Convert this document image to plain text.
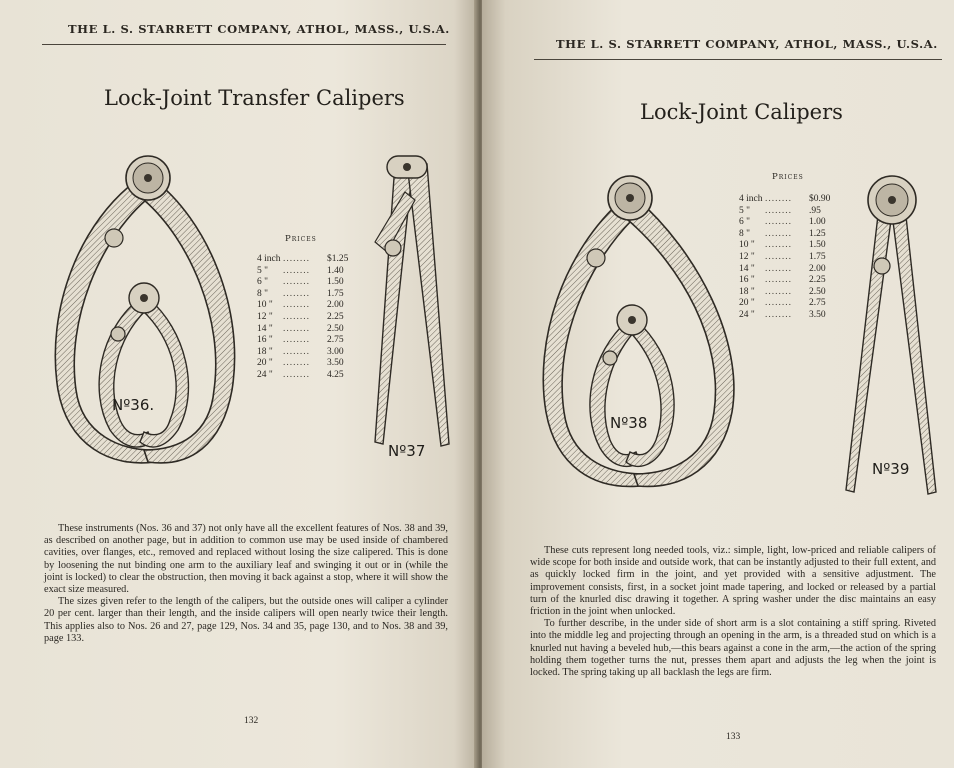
THE L. S. STARRETT COMPANY, ATHOL, MASS., U.S.A.
Lock-Joint Transfer Calipers
Nº36.
Prices
4 inch ........	$1.25
5 "	........	1.40
6 "	........	1.50
8 "	........	1.75
10 "	........	2.00
12 "	........	2.25
14 "	........	2.50
16 "	........	2.75
18 "	........	3.00
20 "	........	3.50
24 "	........	4.25
Nº37

These instruments (Nos. 36 and 37) not only have all the excellent features of Nos. 38 and 39, as described on another page, but in addition to common use may be used inside of chambered cavities, over flanges, etc., removed and replaced without losing the size calipered. This is done by loosening the nut binding one arm to the auxiliary leaf and swinging it out or in (while the joint is locked) to clear the obstruction, then moving it back against a stop, where it will show the exact size measured.

The sizes given refer to the length of the calipers, but the outside ones will caliper a cylinder 20 per cent. larger than their length, and the inside calipers will open nearly twice their length. This applies also to Nos. 26 and 27, page 129, Nos. 34 and 35, page 130, and to Nos. 38 and 39, page 133.

132
THE L. S. STARRETT COMPANY, ATHOL, MASS., U.S.A.
Lock-Joint Calipers
Nº38
Prices
4 inch ........	$0.90
5 "	........	.95
6 "	........	1.00
8 "	........	1.25
10 "	........	1.50
12 "	........	1.75
14 "	........	2.00
16 "	........	2.25
18 "	........	2.50
20 "	........	2.75
24 "	........	3.50
Nº39

These cuts represent long needed tools, viz.: simple, light, low-priced and reliable calipers of wide scope for both inside and outside work, that can be instantly adjusted to their full extent, and as quickly locked firm in the joint, and yet provided with a sensitive adjustment. The improvement consists, first, in a socket joint made tapering, and locked or released by a partial turn of the knurled disc drawing it together. A spring washer under the disc maintains an easy friction in the joint when unlocked.

To further describe, in the under side of short arm is a slot containing a stiff spring. Riveted into the middle leg and projecting through an opening in the arm, is a threaded stud on which is a knurled nut having a beveled hub,—this bears against a cone in the arm,—the action of the spring holding them together turns the nut, presses them apart and adjusts the leg when the joint is locked. The spring taking up all backlash the legs are firm.

133
